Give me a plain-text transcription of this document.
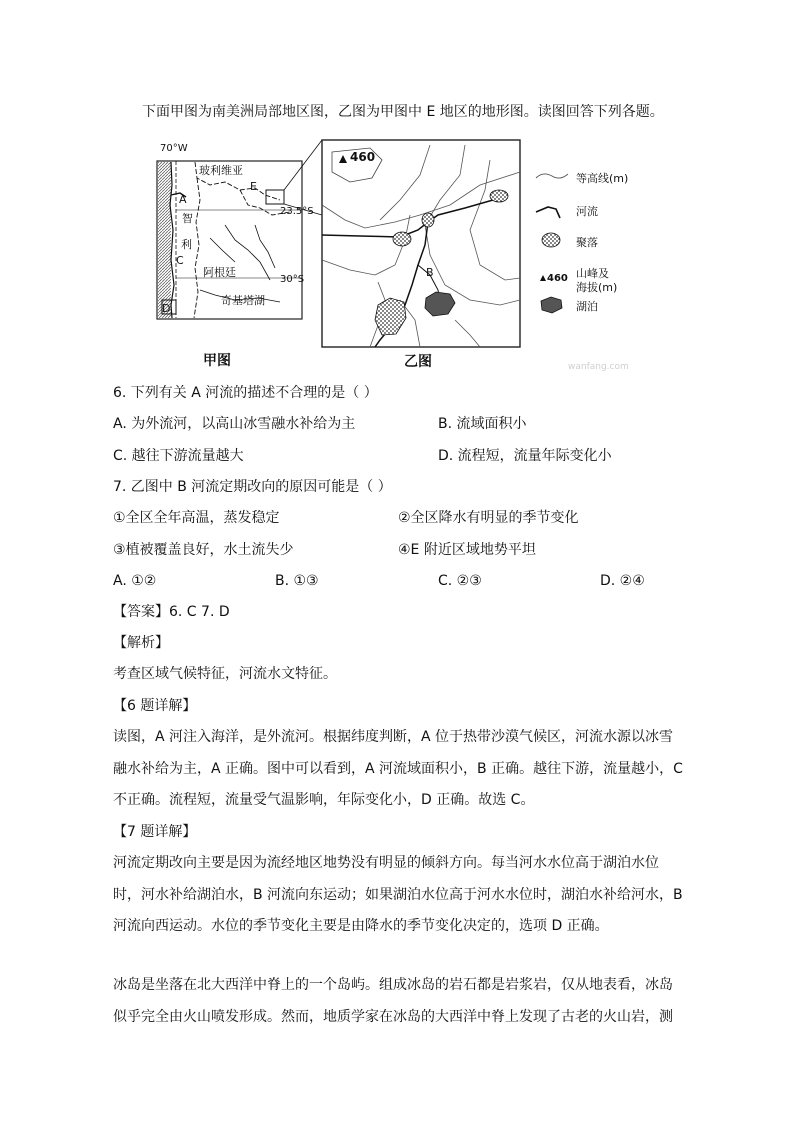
下面甲图为南美洲局部地区图，乙图为甲图中 E 地区的地形图。读图回答下列各题。
70°W
玻利维亚
E
23.5°S
A
智
利
C
阿根廷
30°S
奇基塔湖
D
甲图
460
B
乙图
等高线(m)
河流
聚落
460 山峰及
海拔(m)
湖泊
wanfang.com
6. 下列有关 A 河流的描述不合理的是（ ）
A. 为外流河，以高山冰雪融水补给为主	B. 流域面积小
C. 越往下游流量越大	D. 流程短，流量年际变化小
7. 乙图中 B 河流定期改向的原因可能是（ ）
①全区全年高温，蒸发稳定	②全区降水有明显的季节变化
③植被覆盖良好，水土流失少	④E 附近区域地势平坦
A. ①②	B. ①③	C. ②③	D. ②④
【答案】6. C 7. D
【解析】
考查区域气候特征，河流水文特征。
【6 题详解】
读图，A 河注入海洋，是外流河。根据纬度判断，A 位于热带沙漠气候区，河流水源以冰雪融水补给为主，A 正确。图中可以看到，A 河流域面积小，B 正确。越往下游，流量越小，C 不正确。流程短，流量受气温影响，年际变化小，D 正确。故选 C。
【7 题详解】
河流定期改向主要是因为流经地区地势没有明显的倾斜方向。每当河水水位高于湖泊水位时，河水补给湖泊水，B 河流向东运动；如果湖泊水位高于河水水位时，湖泊水补给河水，B 河流向西运动。水位的季节变化主要是由降水的季节变化决定的，选项 D 正确。
冰岛是坐落在北大西洋中脊上的一个岛屿。组成冰岛的岩石都是岩浆岩，仅从地表看，冰岛似乎完全由火山喷发形成。然而，地质学家在冰岛的大西洋中脊上发现了古老的火山岩，测
